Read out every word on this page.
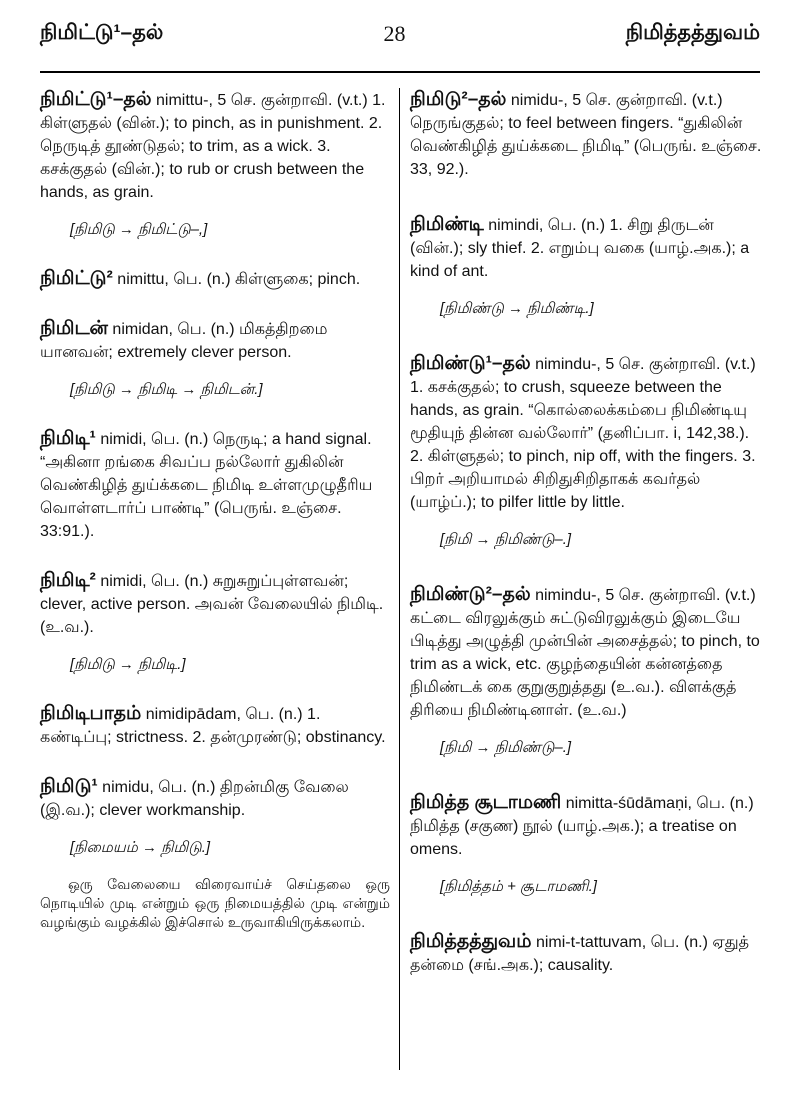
நிமிட்டு¹–தல்	28	நிமித்தத்துவம்
நிமிட்டு¹–தல் nimittu-, 5 செ. குன்றாவி. (v.t.) 1. கிள்ளுதல் (வின்.); to pinch, as in punishment. 2. நெருடித் தூண்டுதல்; to trim, as a wick. 3. கசக்குதல் (வின்.); to rub or crush between the hands, as grain.
[நிமிடு → நிமிட்டு–,]
நிமிட்டு² nimittu, பெ. (n.) கிள்ளுகை; pinch.
நிமிடன் nimidan, பெ. (n.) மிகத்திறமை யானவன்; extremely clever person.
[நிமிடு → நிமிடி → நிமிடன்.]
நிமிடி¹ nimidi, பெ. (n.) நெருடி; a hand signal. “அகினா றங்கை சிவப்ப நல்லோர் துகிலின் வெண்கிழித் துய்க்கடை நிமிடி உள்ளமுழுதீரிய வொள்ளடார்ப் பாண்டி” (பெருங். உஞ்சை. 33:91.).
நிமிடி² nimidi, பெ. (n.) சுறுசுறுப்புள்ளவன்; clever, active person. அவன் வேலையில் நிமிடி. (உ.வ.).
[நிமிடு → நிமிடி.]
நிமிடிபாதம் nimidipādam, பெ. (n.) 1. கண்டிப்பு; strictness. 2. தன்முரண்டு; obstinancy.
நிமிடு¹ nimidu, பெ. (n.) திறன்மிகு வேலை (இ.வ.); clever workmanship.
[நிமையம் → நிமிடு.]
ஒரு வேலையை விரைவாய்ச் செய்தலை ஒரு நொடியில் முடி என்றும் ஒரு நிமையத்தில் முடி என்றும் வழங்கும் வழக்கில் இச்சொல் உருவாகியிருக்கலாம்.
நிமிடு²–தல் nimidu-, 5 செ. குன்றாவி. (v.t.) நெருங்குதல்; to feel between fingers. “துகிலின் வெண்கிழித் துய்க்கடை நிமிடி” (பெருங். உஞ்சை. 33, 92.).
நிமிண்டி nimindi, பெ. (n.) 1. சிறு திருடன் (வின்.); sly thief. 2. எறும்பு வகை (யாழ்.அக.); a kind of ant.
[நிமிண்டு → நிமிண்டி.]
நிமிண்டு¹–தல் nimindu-, 5 செ. குன்றாவி. (v.t.) 1. கசக்குதல்; to crush, squeeze between the hands, as grain. “கொல்லைக்கம்பை நிமிண்டியு மூதியுந் தின்ன வல்லோர்” (தனிப்பா. i, 142,38.). 2. கிள்ளுதல்; to pinch, nip off, with the fingers. 3. பிறர் அறியாமல் சிறிதுசிறிதாகக் கவர்தல் (யாழ்ப்.); to pilfer little by little.
[நிமி → நிமிண்டு–.]
நிமிண்டு²–தல் nimindu-, 5 செ. குன்றாவி. (v.t.) கட்டை விரலுக்கும் சுட்டுவிரலுக்கும் இடையே பிடித்து அழுத்தி முன்பின் அசைத்தல்; to pinch, to trim as a wick, etc. குழந்தையின் கன்னத்தை நிமிண்டக் கை குறுகுறுத்தது (உ.வ.). விளக்குத் திரியை நிமிண்டினாள். (உ.வ.)
[நிமி → நிமிண்டு–.]
நிமித்த சூடாமணி nimitta-śūdāmaṇi, பெ. (n.) நிமித்த (சகுண) நூல் (யாழ்.அக.); a treatise on omens.
[நிமித்தம் + சூடாமணி.]
நிமித்தத்துவம் nimi-t-tattuvam, பெ. (n.) ஏதுத் தன்மை (சங்.அக.); causality.
